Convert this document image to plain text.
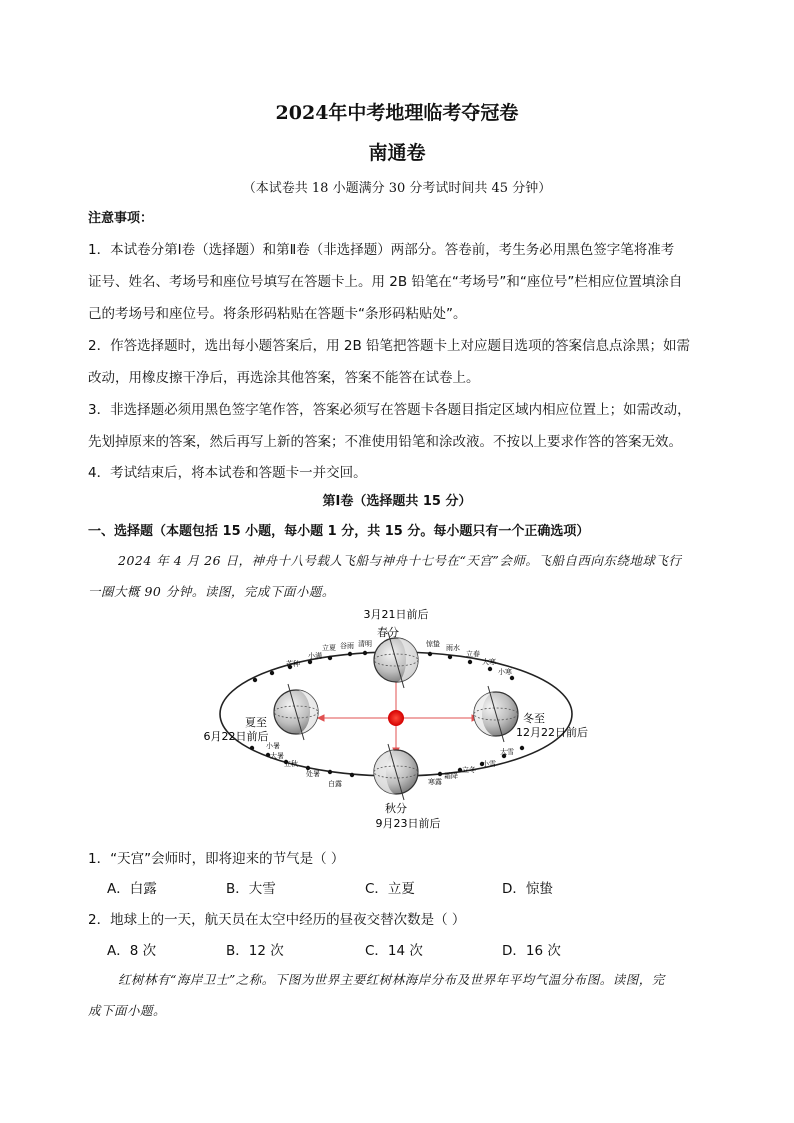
2024年中考地理临考夺冠卷
南通卷
（本试卷共 18 小题满分 30 分考试时间共 45 分钟）
注意事项：
1．本试卷分第Ⅰ卷（选择题）和第Ⅱ卷（非选择题）两部分。答卷前，考生务必用黑色签字笔将准考
证号、姓名、考场号和座位号填写在答题卡上。用 2B 铅笔在“考场号”和“座位号”栏相应位置填涂自
己的考场号和座位号。将条形码粘贴在答题卡“条形码粘贴处”。
2．作答选择题时，选出每小题答案后，用 2B 铅笔把答题卡上对应题目选项的答案信息点涂黑；如需
改动，用橡皮擦干净后，再选涂其他答案，答案不能答在试卷上。
3．非选择题必须用黑色签字笔作答，答案必须写在答题卡各题目指定区域内相应位置上；如需改动，
先划掉原来的答案，然后再写上新的答案；不准使用铅笔和涂改液。不按以上要求作答的答案无效。
4．考试结束后，将本试卷和答题卡一并交回。
第Ⅰ卷（选择题共 15 分）
一、选择题（本题包括 15 小题，每小题 1 分，共 15 分。每小题只有一个正确选项）
2024 年 4 月 26 日，神舟十八号载人飞船与神舟十七号在“天宫”会师。飞船自西向东绕地球飞行
一圈大概 90 分钟。读图，完成下面小题。
3月21日前后
春分
夏至
6月22日前后
冬至
12月22日前后
秋分
9月23日前后
立夏 谷雨 清明
小满
芒种
惊蛰 雨水
立春
大寒
小寒
小暑
大暑
立秋
处暑
白露	寒露
霜降
立冬
小雪
大雪
1．“天宫”会师时，即将迎来的节气是（ ）
A．白露	B．大雪	C．立夏	D．惊蛰
2．地球上的一天，航天员在太空中经历的昼夜交替次数是（ ）
A．8 次	B．12 次	C．14 次	D．16 次
红树林有“海岸卫士”之称。下图为世界主要红树林海岸分布及世界年平均气温分布图。读图，完
成下面小题。
